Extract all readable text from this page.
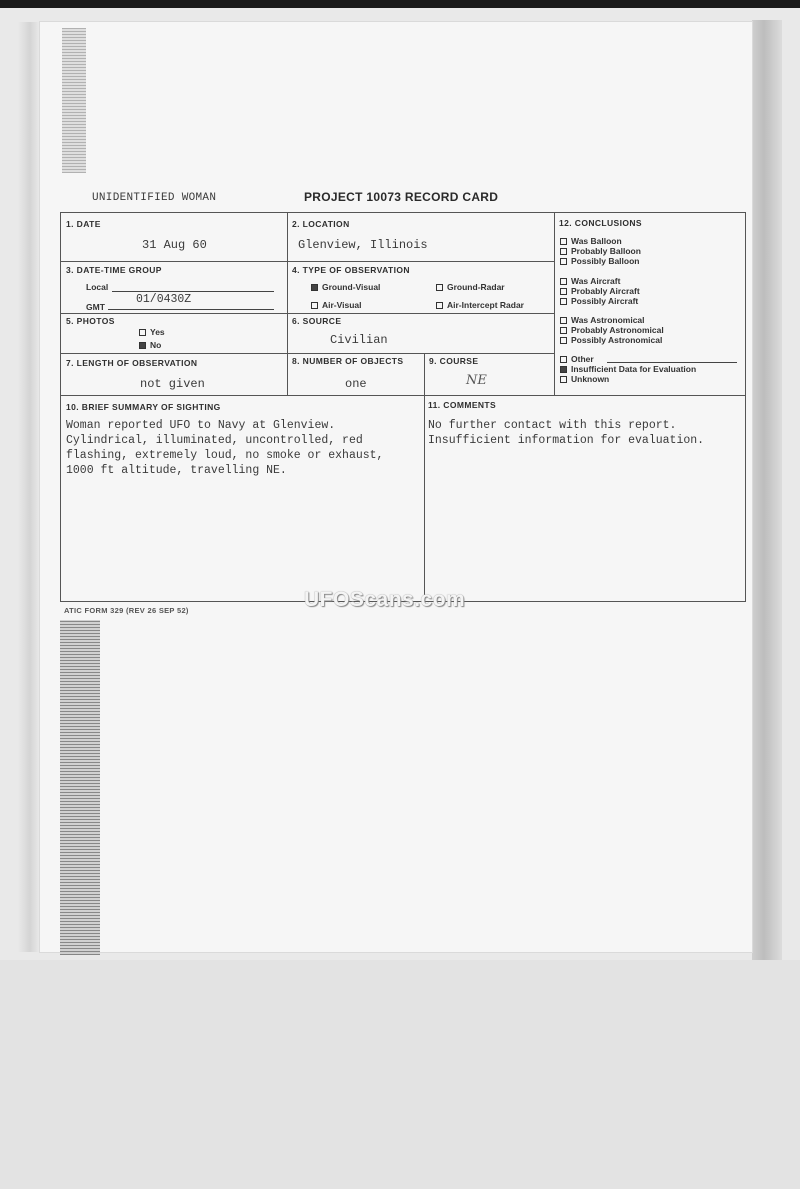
UNIDENTIFIED WOMAN	PROJECT 10073 RECORD CARD
1. DATE
31 Aug 60
2. LOCATION
Glenview, Illinois
3. DATE-TIME GROUP
Local
GMT
01/0430Z
4. TYPE OF OBSERVATION
Ground-Visual	Ground-Radar
Air-Visual	Air-Intercept Radar
5. PHOTOS
Yes
No
6. SOURCE
Civilian
7. LENGTH OF OBSERVATION
not given
8. NUMBER OF OBJECTS
one
9. COURSE
NE
10. BRIEF SUMMARY OF SIGHTING
Woman reported UFO to Navy at Glenview.
Cylindrical, illuminated, uncontrolled, red
flashing, extremely loud, no smoke or exhaust,
1000 ft altitude, travelling NE.
11. COMMENTS
No further contact with this report.
Insufficient information for evaluation.
12. CONCLUSIONS
Was Balloon
Probably Balloon
Possibly Balloon
Was Aircraft
Probably Aircraft
Possibly Aircraft
Was Astronomical
Probably Astronomical
Possibly Astronomical
Other
Insufficient Data for Evaluation
Unknown
ATIC FORM 329 (REV 26 SEP 52)	UFOScans.com
